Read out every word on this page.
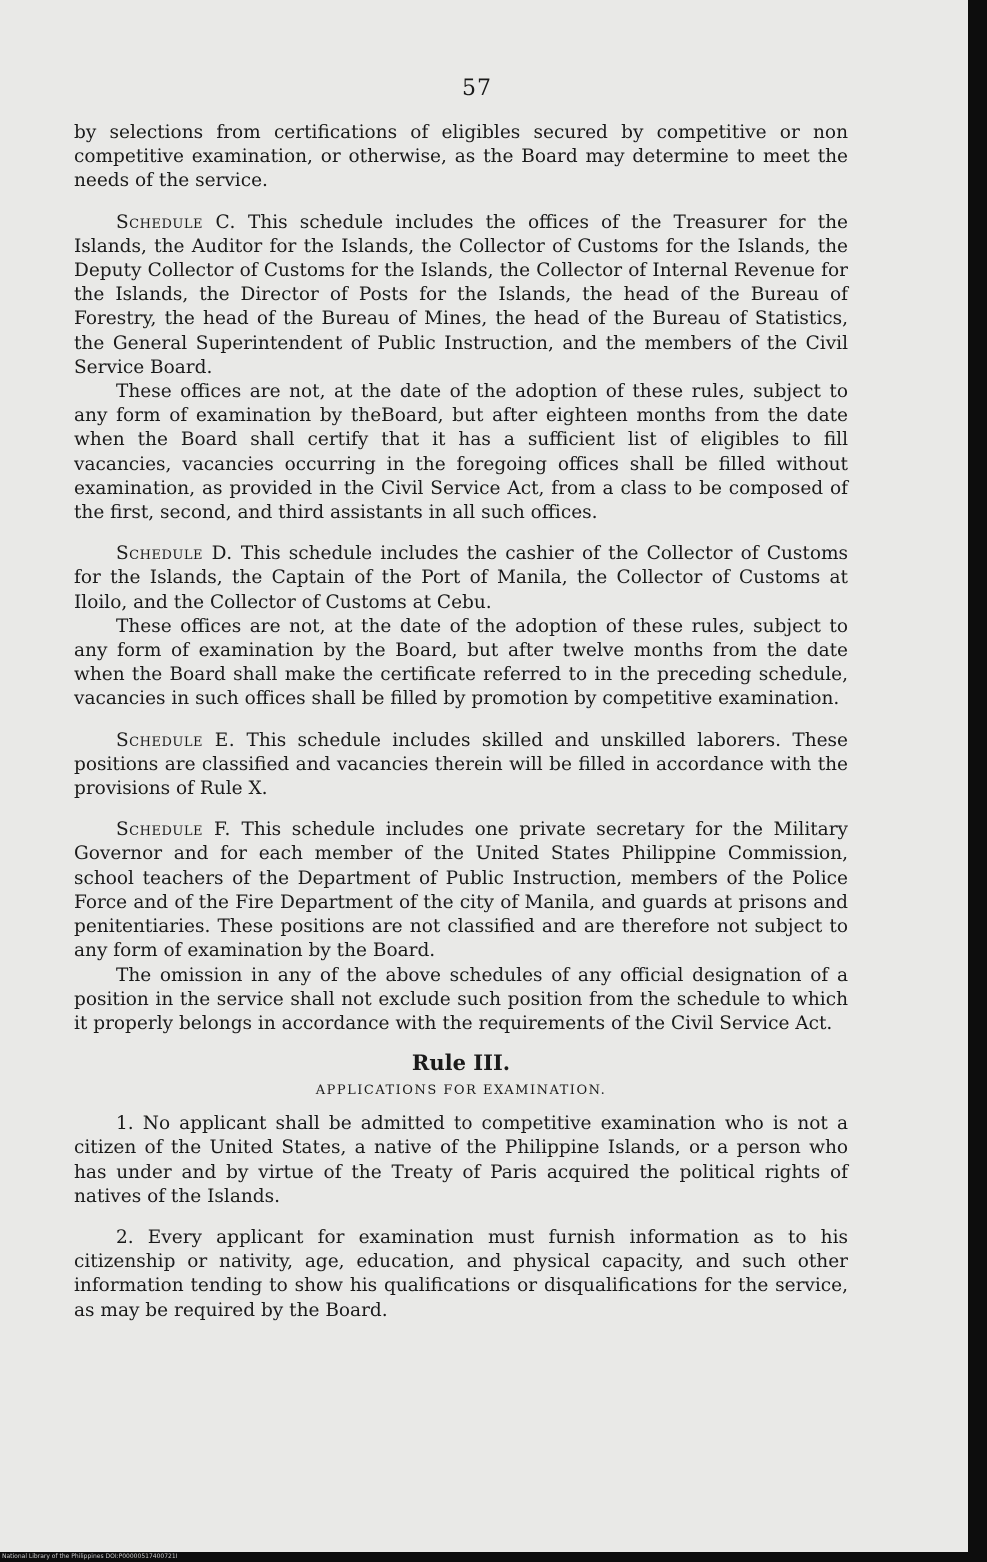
57

by selections from certifications of eligibles secured by competitive or non competitive examination, or otherwise, as the Board may determine to meet the needs of the service.

Schedule C. This schedule includes the offices of the Treasurer for the Islands, the Auditor for the Islands, the Collector of Customs for the Islands, the Deputy Collector of Customs for the Islands, the Collector of Internal Revenue for the Islands, the Director of Posts for the Islands, the head of the Bureau of Forestry, the head of the Bureau of Mines, the head of the Bureau of Statistics, the General Superintendent of Public Instruction, and the members of the Civil Service Board.

These offices are not, at the date of the adoption of these rules, subject to any form of examination by theBoard, but after eighteen months from the date when the Board shall certify that it has a sufficient list of eligibles to fill vacancies, vacancies occurring in the foregoing offices shall be filled without examination, as provided in the Civil Service Act, from a class to be composed of the first, second, and third assistants in all such offices.

Schedule D. This schedule includes the cashier of the Collector of Customs for the Islands, the Captain of the Port of Manila, the Collector of Customs at Iloilo, and the Collector of Customs at Cebu.

These offices are not, at the date of the adoption of these rules, subject to any form of examination by the Board, but after twelve months from the date when the Board shall make the certificate referred to in the preceding schedule, vacancies in such offices shall be filled by promotion by competitive examination.

Schedule E. This schedule includes skilled and unskilled laborers. These positions are classified and vacancies therein will be filled in accordance with the provisions of Rule X.

Schedule F. This schedule includes one private secretary for the Military Governor and for each member of the United States Philippine Commission, school teachers of the Department of Public Instruction, members of the Police Force and of the Fire Department of the city of Manila, and guards at prisons and penitentiaries. These positions are not classified and are therefore not subject to any form of examination by the Board.

The omission in any of the above schedules of any official designation of a position in the service shall not exclude such position from the schedule to which it properly belongs in accordance with the requirements of the Civil Service Act.

Rule III.
APPLICATIONS FOR EXAMINATION.

1. No applicant shall be admitted to competitive examination who is not a citizen of the United States, a native of the Philippine Islands, or a person who has under and by virtue of the Treaty of Paris acquired the political rights of natives of the Islands.

2. Every applicant for examination must furnish information as to his citizenship or nativity, age, education, and physical capacity, and such other information tending to show his qualifications or disqualifications for the service, as may be required by the Board.

National Library of the Philippines DOI:P00000517400721I
